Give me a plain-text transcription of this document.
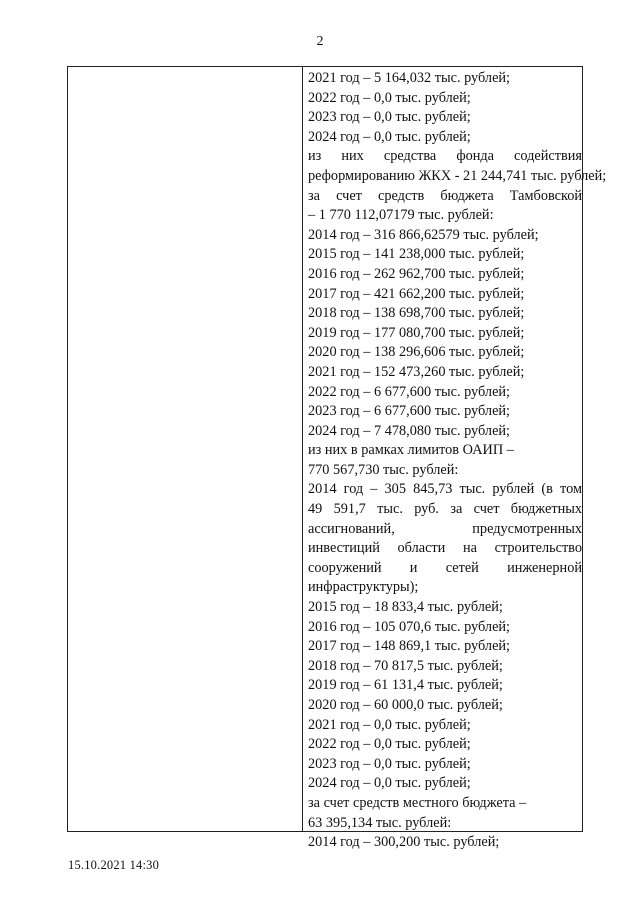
2
2021 год – 5 164,032 тыс. рублей;
2022 год – 0,0 тыс. рублей;
2023 год – 0,0 тыс. рублей;
2024 год – 0,0 тыс. рублей;
из них средства фонда содействия
реформированию ЖКХ - 21 244,741 тыс. рублей;
за счет средств бюджета Тамбовской
– 1 770 112,07179 тыс. рублей:
2014 год – 316 866,62579 тыс. рублей;
2015 год – 141 238,000 тыс. рублей;
2016 год – 262 962,700 тыс. рублей;
2017 год – 421 662,200 тыс. рублей;
2018 год – 138 698,700 тыс. рублей;
2019 год – 177 080,700 тыс. рублей;
2020 год – 138 296,606 тыс. рублей;
2021 год – 152 473,260 тыс. рублей;
2022 год – 6 677,600 тыс. рублей;
2023 год – 6 677,600 тыс. рублей;
2024 год – 7 478,080 тыс. рублей;
из них в рамках лимитов ОАИП –
770 567,730 тыс. рублей:
2014 год – 305 845,73 тыс. рублей (в том
49 591,7 тыс. руб. за счет бюджетных
ассигнований, предусмотренных
инвестиций области на строительство
сооружений и сетей инженерной
инфраструктуры);
2015 год – 18 833,4 тыс. рублей;
2016 год – 105 070,6 тыс. рублей;
2017 год – 148 869,1 тыс. рублей;
2018 год – 70 817,5 тыс. рублей;
2019 год – 61 131,4 тыс. рублей;
2020 год – 60 000,0 тыс. рублей;
2021 год – 0,0 тыс. рублей;
2022 год – 0,0 тыс. рублей;
2023 год – 0,0 тыс. рублей;
2024 год – 0,0 тыс. рублей;
за счет средств местного бюджета –
63 395,134 тыс. рублей:
2014 год – 300,200 тыс. рублей;
15.10.2021 14:30
